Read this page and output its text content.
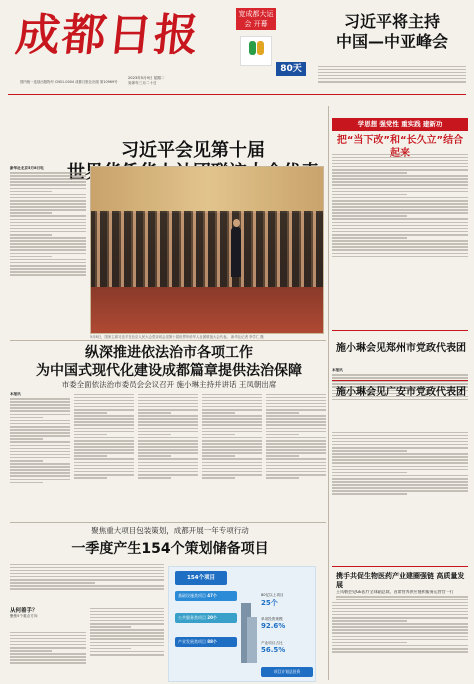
成都日报	宽成都大运会 开幕
80天
2023年5月9日 星期二
癸卯年三月二十日
国内统一连续出版物号 CN51-0004 成都日报社出版 第10969号
习近平将主持
中国—中亚峰会
习近平会见第十届

新华社北京5月8日电
5月8日，国家主席习近平在北京人民大会堂亲切会见第十届世界华侨华人社团联谊大会代表。 新华社记者 李学仁 摄
纵深推进依法治市各项工作
为中国式现代化建设成都篇章提供法治保障
市委全面依法治市委员会会议召开 施小琳主持并讲话 王凤朝出席
本报讯
聚焦重大项目包装策划，成都开展一年专项行动
一季度产生154个策划储备项目
从何着手？
聚焦5个重点方向
154个项目
基础设施类项目 47个
公共服务类项目 20个
产业发展类项目 88个
80亿以上项目
25个
单项投资规模
92.6%
产业项目占比
56.5%
项目计划总投资
学思想 强党性 重实践 建新功
把“当下改”和“长久立”结合
施小琳会见郑州市党政代表团
本报讯
施小琳会见广安市党政代表团
携手共促生物医药产业建圈强链 高质量发展
王凤朝会见GE医疗全球副总裁、首席营养供应链和服务运营官一行
